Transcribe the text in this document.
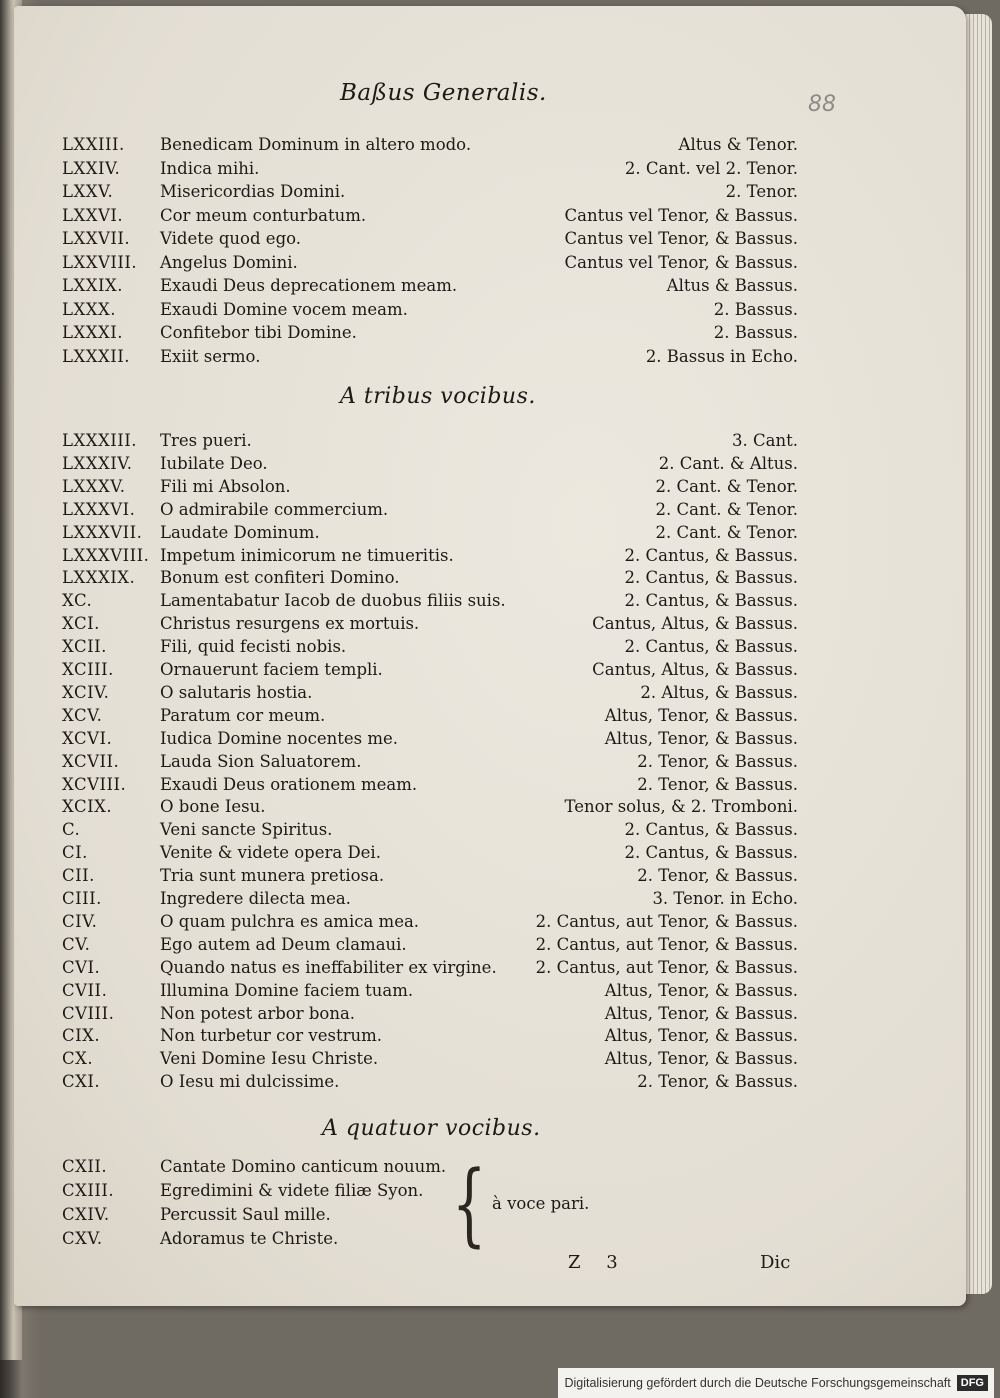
88
Baßus Generalis.
A tribus vocibus.
A quatuor vocibus.
LXXIII. Benedicam Dominum in altero modo.	Altus & Tenor.
LXXIV. Indica mihi.	2. Cant. vel 2. Tenor.
LXXV.	Misericordias Domini.	2. Tenor.
LXXVI. Cor meum conturbatum.	Cantus vel Tenor, & Bassus.
LXXVII. Videte quod ego.	Cantus vel Tenor, & Bassus.
LXXVIII. Angelus Domini.	Cantus vel Tenor, & Bassus.
LXXIX. Exaudi Deus deprecationem meam.	Altus & Bassus.
LXXX.	Exaudi Domine vocem meam.	2. Bassus.
LXXXI. Confitebor tibi Domine.	2. Bassus.
LXXXII. Exiit sermo.	2. Bassus in Echo.
LXXXIII. Tres pueri.	3. Cant.
LXXXIV. Iubilate Deo.	2. Cant. & Altus.
LXXXV. Fili mi Absolon.	2. Cant. & Tenor.
LXXXVI. O admirabile commercium.	2. Cant. & Tenor.
LXXXVII. Laudate Dominum.	2. Cant. & Tenor.
LXXXVIII. Impetum inimicorum ne timueritis.	2. Cantus, & Bassus.
LXXXIX. Bonum est confiteri Domino.	2. Cantus, & Bassus.
XC.	Lamentabatur Iacob de duobus filiis suis.	2. Cantus, & Bassus.
XCI.	Christus resurgens ex mortuis.	Cantus, Altus, & Bassus.
XCII.	Fili, quid fecisti nobis.	2. Cantus, & Bassus.
XCIII.	Ornauerunt faciem templi.	Cantus, Altus, & Bassus.
XCIV.	O salutaris hostia.	2. Altus, & Bassus.
XCV.	Paratum cor meum.	Altus, Tenor, & Bassus.
XCVI.	Iudica Domine nocentes me.	Altus, Tenor, & Bassus.
XCVII. Lauda Sion Saluatorem.	2. Tenor, & Bassus.
XCVIII. Exaudi Deus orationem meam.	2. Tenor, & Bassus.
XCIX.	O bone Iesu.	Tenor solus, & 2. Tromboni.
C.	Veni sancte Spiritus.	2. Cantus, & Bassus.
CI.	Venite & videte opera Dei.	2. Cantus, & Bassus.
CII.	Tria sunt munera pretiosa.	2. Tenor, & Bassus.
CIII.	Ingredere dilecta mea.	3. Tenor. in Echo.
CIV.	O quam pulchra es amica mea.	2. Cantus, aut Tenor, & Bassus.
CV.	Ego autem ad Deum clamaui.	2. Cantus, aut Tenor, & Bassus.
CVI.	Quando natus es ineffabiliter ex virgine. 2. Cantus, aut Tenor, & Bassus.
CVII.	Illumina Domine faciem tuam.	Altus, Tenor, & Bassus.
CVIII.	Non potest arbor bona.	Altus, Tenor, & Bassus.
CIX.	Non turbetur cor vestrum.	Altus, Tenor, & Bassus.
CX.	Veni Domine Iesu Christe.	Altus, Tenor, & Bassus.
CXI.	O Iesu mi dulcissime.	2. Tenor, & Bassus.
CXII.	Cantate Domino canticum nouum.
CXIII.	Egredimini & videte filiæ Syon.
CXIV.	Percussit Saul mille.
CXV.	Adoramus te Christe. { à voce pari.
Z 3	Dic
Digitalisierung gefördert durch die Deutsche Forschungsgemeinschaft DFG
